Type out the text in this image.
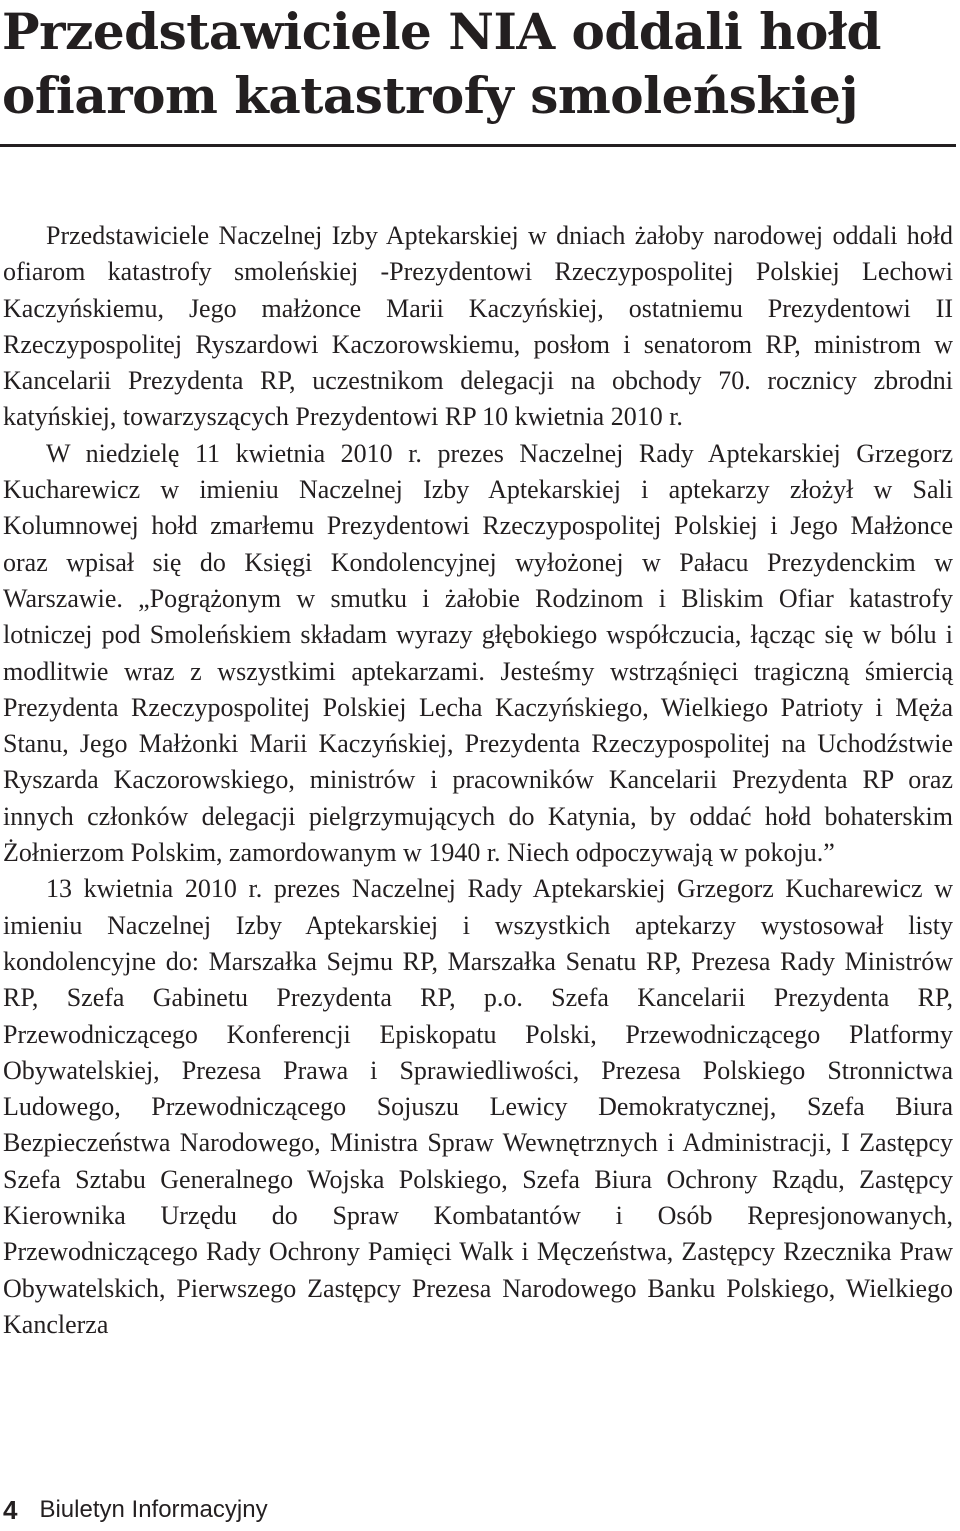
Przedstawiciele NIA oddali hołd ofiarom katastrofy smoleńskiej

Przedstawiciele Naczelnej Izby Aptekarskiej w dniach żałoby narodowej oddali hołd ofiarom katastrofy smoleńskiej -Prezydentowi Rzeczypospolitej Polskiej Lechowi Kaczyńskiemu, Jego małżonce Marii Kaczyńskiej, ostatniemu Prezydentowi II Rzeczypospolitej Ryszardowi Kaczorowskiemu, posłom i senatorom RP, ministrom w Kancelarii Prezydenta RP, uczestnikom delegacji na obchody 70. rocznicy zbrodni katyńskiej, towarzyszących Prezydentowi RP 10 kwietnia 2010 r.

W niedzielę 11 kwietnia 2010 r. prezes Naczelnej Rady Aptekarskiej Grzegorz Kucharewicz w imieniu Naczelnej Izby Aptekarskiej i aptekarzy złożył w Sali Kolumnowej hołd zmarłemu Prezydentowi Rzeczypospolitej Polskiej i Jego Małżonce oraz wpisał się do Księgi Kondolencyjnej wyłożonej w Pałacu Prezydenckim w Warszawie. „Pogrążonym w smutku i żałobie Rodzinom i Bliskim Ofiar katastrofy lotniczej pod Smoleńskiem składam wyrazy głębokiego współczucia, łącząc się w bólu i modlitwie wraz z wszystkimi aptekarzami. Jesteśmy wstrząśnięci tragiczną śmiercią Prezydenta Rzeczypospolitej Polskiej Lecha Kaczyńskiego, Wielkiego Patrioty i Męża Stanu, Jego Małżonki Marii Kaczyńskiej, Prezydenta Rzeczypospolitej na Uchodźstwie Ryszarda Kaczorowskiego, ministrów i pracowników Kancelarii Prezydenta RP oraz innych członków delegacji pielgrzymujących do Katynia, by oddać hołd bohaterskim Żołnierzom Polskim, zamordowanym w 1940 r. Niech odpoczywają w pokoju.”

13 kwietnia 2010 r. prezes Naczelnej Rady Aptekarskiej Grzegorz Kucharewicz w imieniu Naczelnej Izby Aptekarskiej i wszystkich aptekarzy wystosował listy kondolencyjne do: Marszałka Sejmu RP, Marszałka Senatu RP, Prezesa Rady Ministrów RP, Szefa Gabinetu Prezydenta RP, p.o. Szefa Kancelarii Prezydenta RP, Przewodniczącego Konferencji Episkopatu Polski, Przewodniczącego Platformy Obywatelskiej, Prezesa Prawa i Sprawiedliwości, Prezesa Polskiego Stronnictwa Ludowego, Przewodniczącego Sojuszu Lewicy Demokratycznej, Szefa Biura Bezpieczeństwa Narodowego, Ministra Spraw Wewnętrznych i Administracji, I Zastępcy Szefa Sztabu Generalnego Wojska Polskiego, Szefa Biura Ochrony Rządu, Zastępcy Kierownika Urzędu do Spraw Kombatantów i Osób Represjonowanych, Przewodniczącego Rady Ochrony Pamięci Walk i Męczeństwa, Zastępcy Rzecznika Praw Obywatelskich, Pierwszego Zastępcy Prezesa Narodowego Banku Polskiego, Wielkiego Kanclerza

4 Biuletyn Informacyjny
